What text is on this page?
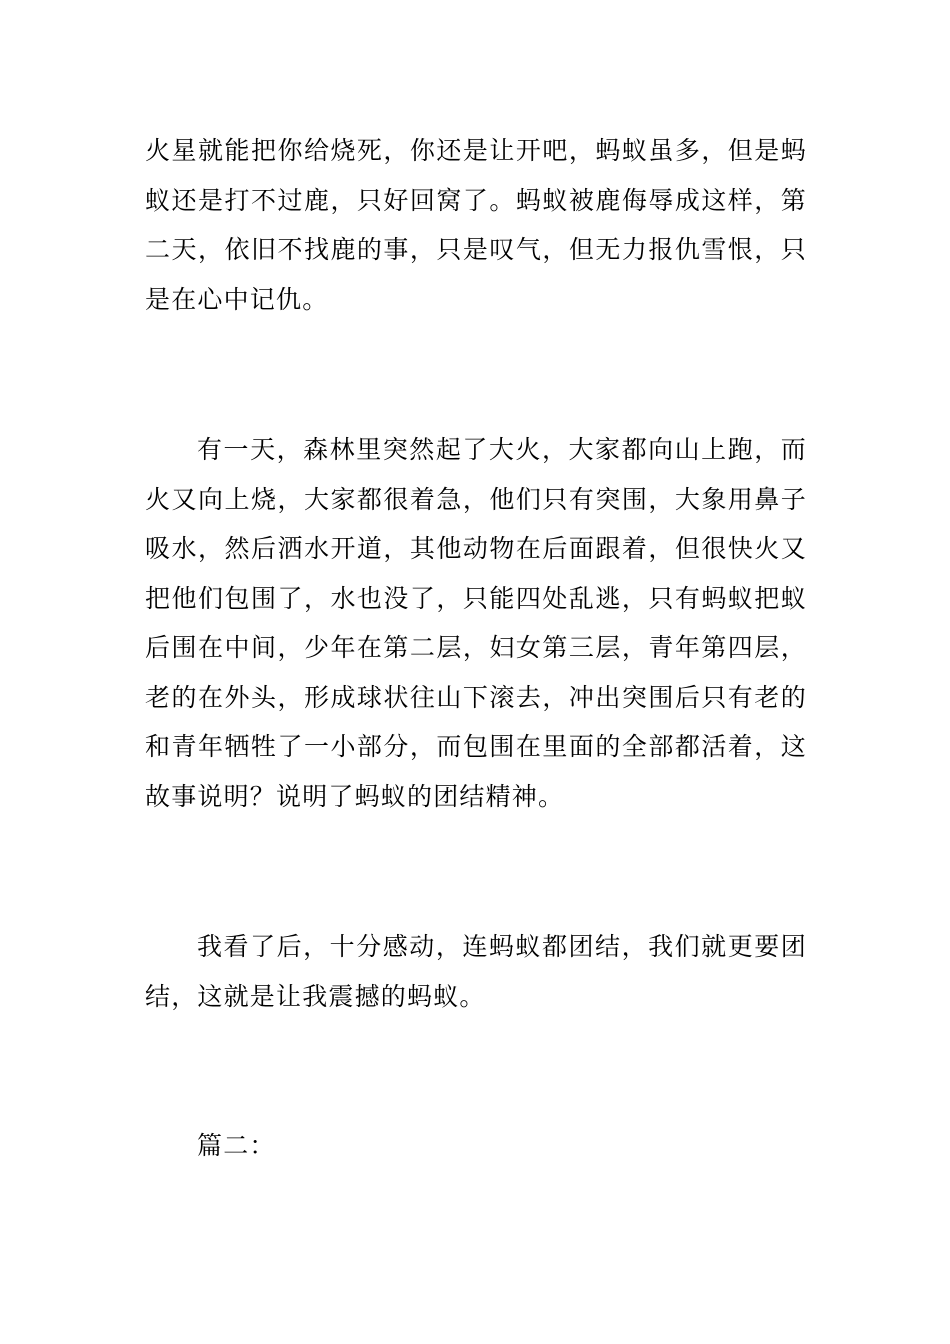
火星就能把你给烧死，你还是让开吧，蚂蚁虽多，但是蚂蚁还是打不过鹿，只好回窝了。蚂蚁被鹿侮辱成这样，第二天，依旧不找鹿的事，只是叹气，但无力报仇雪恨，只是在心中记仇。

有一天，森林里突然起了大火，大家都向山上跑，而火又向上烧，大家都很着急，他们只有突围，大象用鼻子吸水，然后洒水开道，其他动物在后面跟着，但很快火又把他们包围了，水也没了，只能四处乱逃，只有蚂蚁把蚁后围在中间，少年在第二层，妇女第三层，青年第四层，老的在外头，形成球状往山下滚去，冲出突围后只有老的和青年牺牲了一小部分，而包围在里面的全部都活着，这故事说明？说明了蚂蚁的团结精神。

我看了后，十分感动，连蚂蚁都团结，我们就更要团结，这就是让我震撼的蚂蚁。

篇二：
